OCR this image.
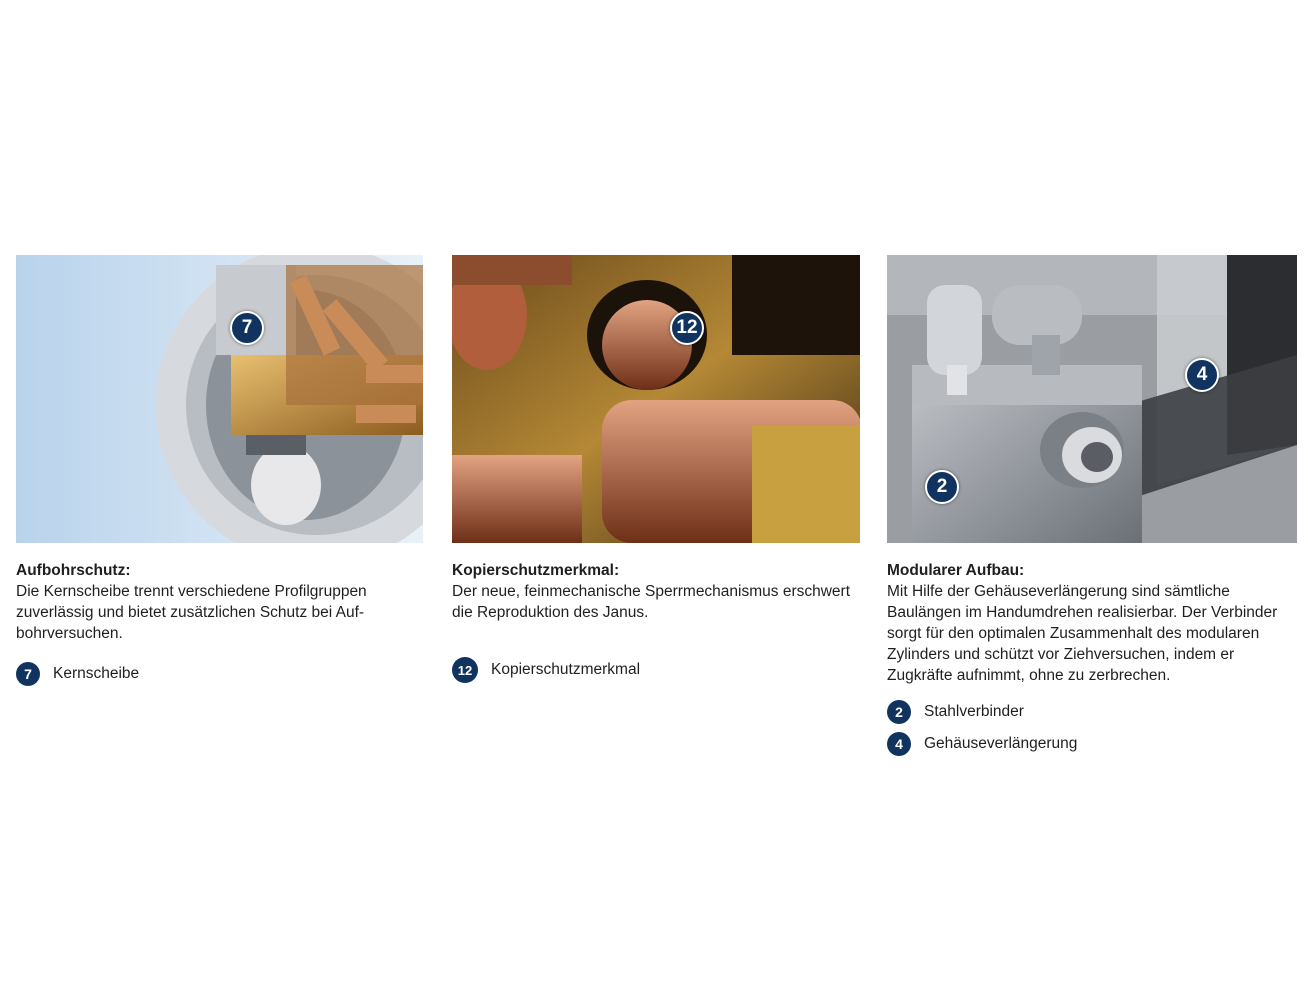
7
Aufbohrschutz:
Die Kernscheibe trennt verschiedene Profilgruppen zuverlässig und bietet zusätzlichen Schutz bei Auf-bohrversuchen.
7	Kernscheibe
12
Kopierschutzmerkmal:
Der neue, feinmechanische Sperrmechanismus erschwert die Reproduktion des Janus.
12	Kopierschutzmerkmal
4
2
Modularer Aufbau:
Mit Hilfe der Gehäuseverlängerung sind sämtliche Baulängen im Handumdrehen realisierbar. Der Verbinder sorgt für den optimalen Zusammenhalt des modularen Zylinders und schützt vor Ziehversuchen, indem er Zugkräfte aufnimmt, ohne zu zerbrechen.
2	Stahlverbinder
4	Gehäuseverlängerung
